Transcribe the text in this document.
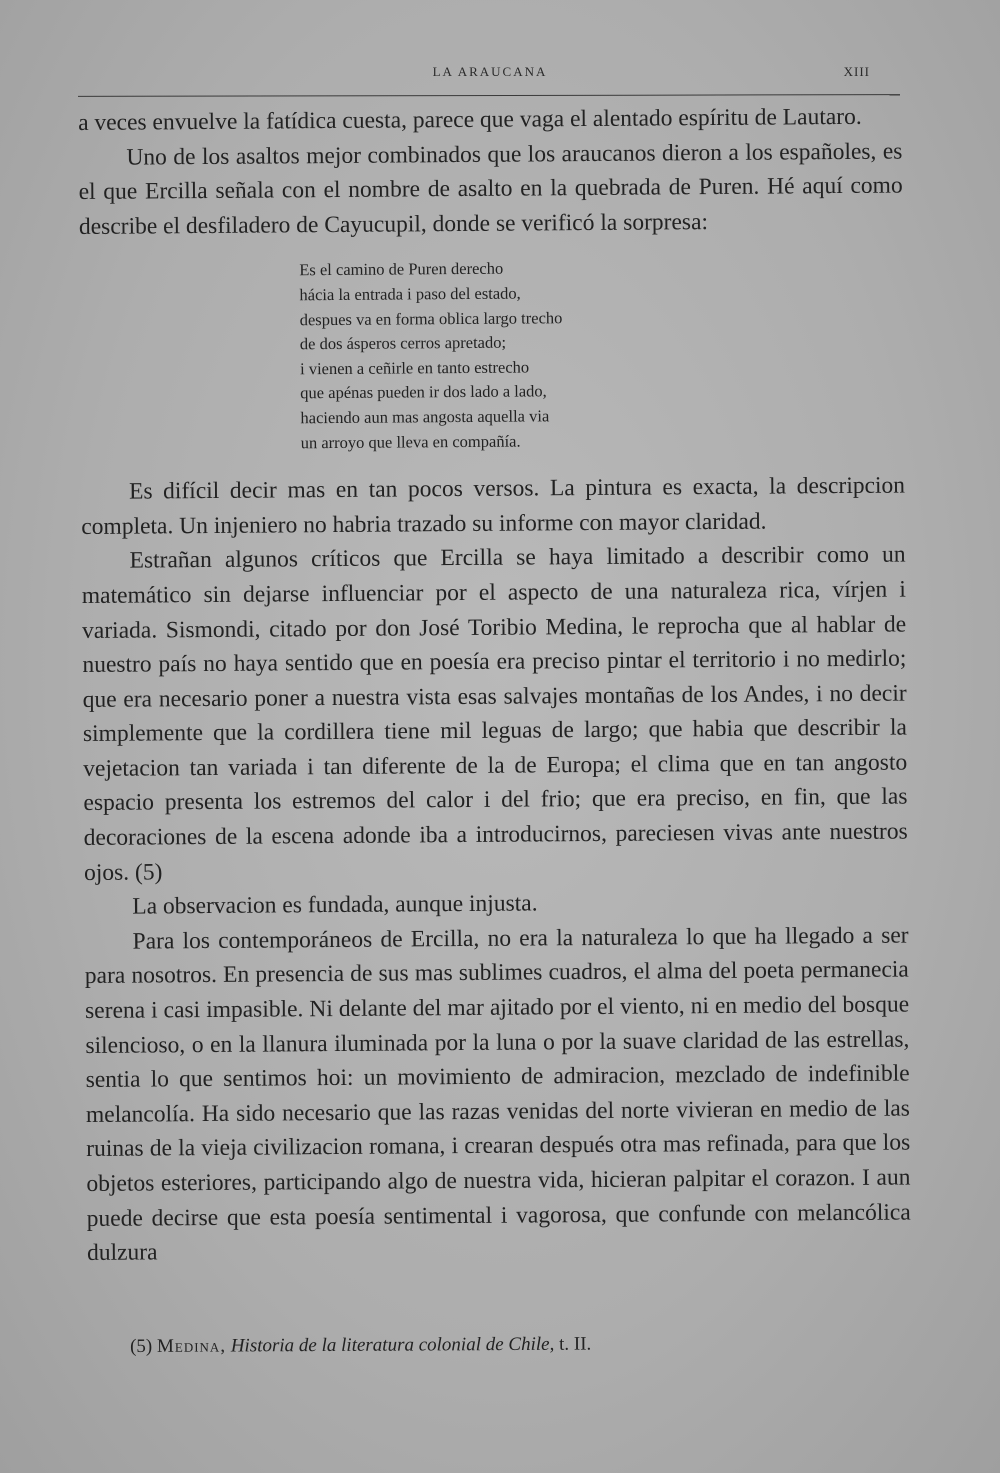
LA ARAUCANA	XIII

a veces envuelve la fatídica cuesta, parece que vaga el alentado espíritu de Lautaro.

Uno de los asaltos mejor combinados que los araucanos dieron a los españoles, es el que Ercilla señala con el nombre de asalto en la quebrada de Puren. Hé aquí como describe el desfiladero de Cayucupil, donde se verificó la sorpresa:

Es el camino de Puren derecho
hácia la entrada i paso del estado,
despues va en forma oblica largo trecho
de dos ásperos cerros apretado;
i vienen a ceñirle en tanto estrecho
que apénas pueden ir dos lado a lado,
haciendo aun mas angosta aquella via
un arroyo que lleva en compañía.

Es difícil decir mas en tan pocos versos. La pintura es exacta, la descripcion completa. Un injeniero no habria trazado su informe con mayor claridad.

Estrañan algunos críticos que Ercilla se haya limitado a describir como un matemático sin dejarse influenciar por el aspecto de una naturaleza rica, vírjen i variada. Sismondi, citado por don José Toribio Medina, le reprocha que al hablar de nuestro país no haya sentido que en poesía era preciso pintar el territorio i no medirlo; que era necesario poner a nuestra vista esas salvajes montañas de los Andes, i no decir simplemente que la cordillera tiene mil leguas de largo; que habia que describir la vejetacion tan variada i tan diferente de la de Europa; el clima que en tan angosto espacio presenta los estremos del calor i del frio; que era preciso, en fin, que las decoraciones de la escena adonde iba a introducirnos, pareciesen vivas ante nuestros ojos. (5)

La observacion es fundada, aunque injusta.

Para los contemporáneos de Ercilla, no era la naturaleza lo que ha llegado a ser para nosotros. En presencia de sus mas sublimes cuadros, el alma del poeta permanecia serena i casi impasible. Ni delante del mar ajitado por el viento, ni en medio del bosque silencioso, o en la llanura iluminada por la luna o por la suave claridad de las estrellas, sentia lo que sentimos hoi: un movimiento de admiracion, mezclado de indefinible melancolía. Ha sido necesario que las razas venidas del norte vivieran en medio de las ruinas de la vieja civilizacion romana, i crearan después otra mas refinada, para que los objetos esteriores, participando algo de nuestra vida, hicieran palpitar el corazon. I aun puede decirse que esta poesía sentimental i vagorosa, que confunde con melancólica dulzura

(5) Medina, Historia de la literatura colonial de Chile, t. II.
